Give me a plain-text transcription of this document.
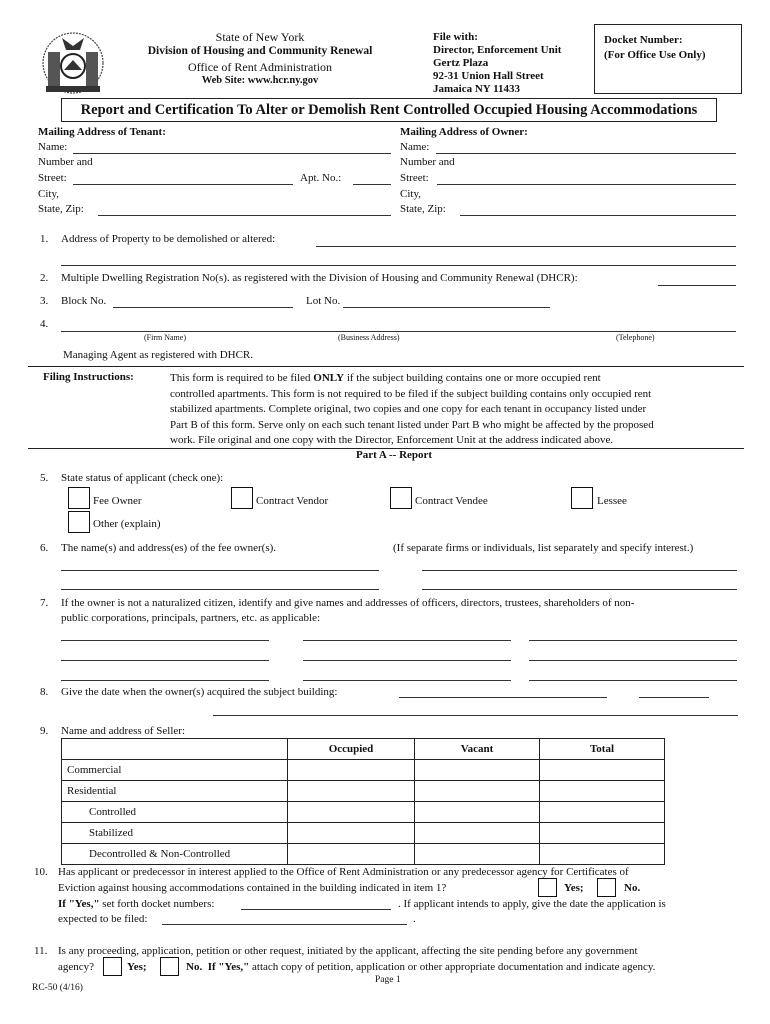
State of New York
Division of Housing and Community Renewal
Office of Rent Administration
Web Site: www.hcr.ny.gov
File with:
Director, Enforcement Unit
Gertz Plaza
92-31 Union Hall Street
Jamaica NY 11433
Docket Number:
(For Office Use Only)
Report and Certification To Alter or Demolish Rent Controlled Occupied Housing Accommodations
Mailing Address of Tenant:
Name:
Number and
Street:	Apt. No.:
City,
State, Zip:
Mailing Address of Owner:
Name:
Number and
Street:
City,
State, Zip:
1. Address of Property to be demolished or altered:
2. Multiple Dwelling Registration No(s). as registered with the Division of Housing and Community Renewal (DHCR):
3. Block No.	Lot No.
4.
(Firm Name)	(Business Address)	(Telephone)
Managing Agent as registered with DHCR.
Filing Instructions:	This form is required to be filed ONLY if the subject building contains one or more occupied rent
controlled apartments. This form is not required to be filed if the subject building contains only occupied rent
stabilized apartments. Complete original, two copies and one copy for each tenant in occupancy listed under
Part B of this form. Serve only on each such tenant listed under Part B who might be affected by the proposed
work. File original and one copy with the Director, Enforcement Unit at the address indicated above.
Part A -- Report
5. State status of applicant (check one):
Fee Owner	Contract Vendor	Contract Vendee	Lessee
Other (explain)
6. The name(s) and address(es) of the fee owner(s).	(If separate firms or individuals, list separately and specify interest.)
7. If the owner is not a naturalized citizen, identify and give names and addresses of officers, directors, trustees, shareholders of non-
public corporations, principals, partners, etc. as applicable:
8. Give the date when the owner(s) acquired the subject building:
9. Name and address of Seller:
	Occupied	Vacant	Total
Commercial			
Residential			
Controlled			
Stabilized			
Decontrolled & Non-Controlled			
10. Has applicant or predecessor in interest applied to the Office of Rent Administration or any predecessor agency for Certificates of
Eviction against housing accommodations contained in the building indicated in item 1?	Yes;	No.
If "Yes," set forth docket numbers:	. If applicant intends to apply, give the date the application is
expected to be filed:	.
11. Is any proceeding, application, petition or other request, initiated by the applicant, affecting the site pending before any government
agency?	Yes;	No. If "Yes," attach copy of petition, application or other appropriate documentation and indicate agency.
RC-50 (4/16)
Page 1
